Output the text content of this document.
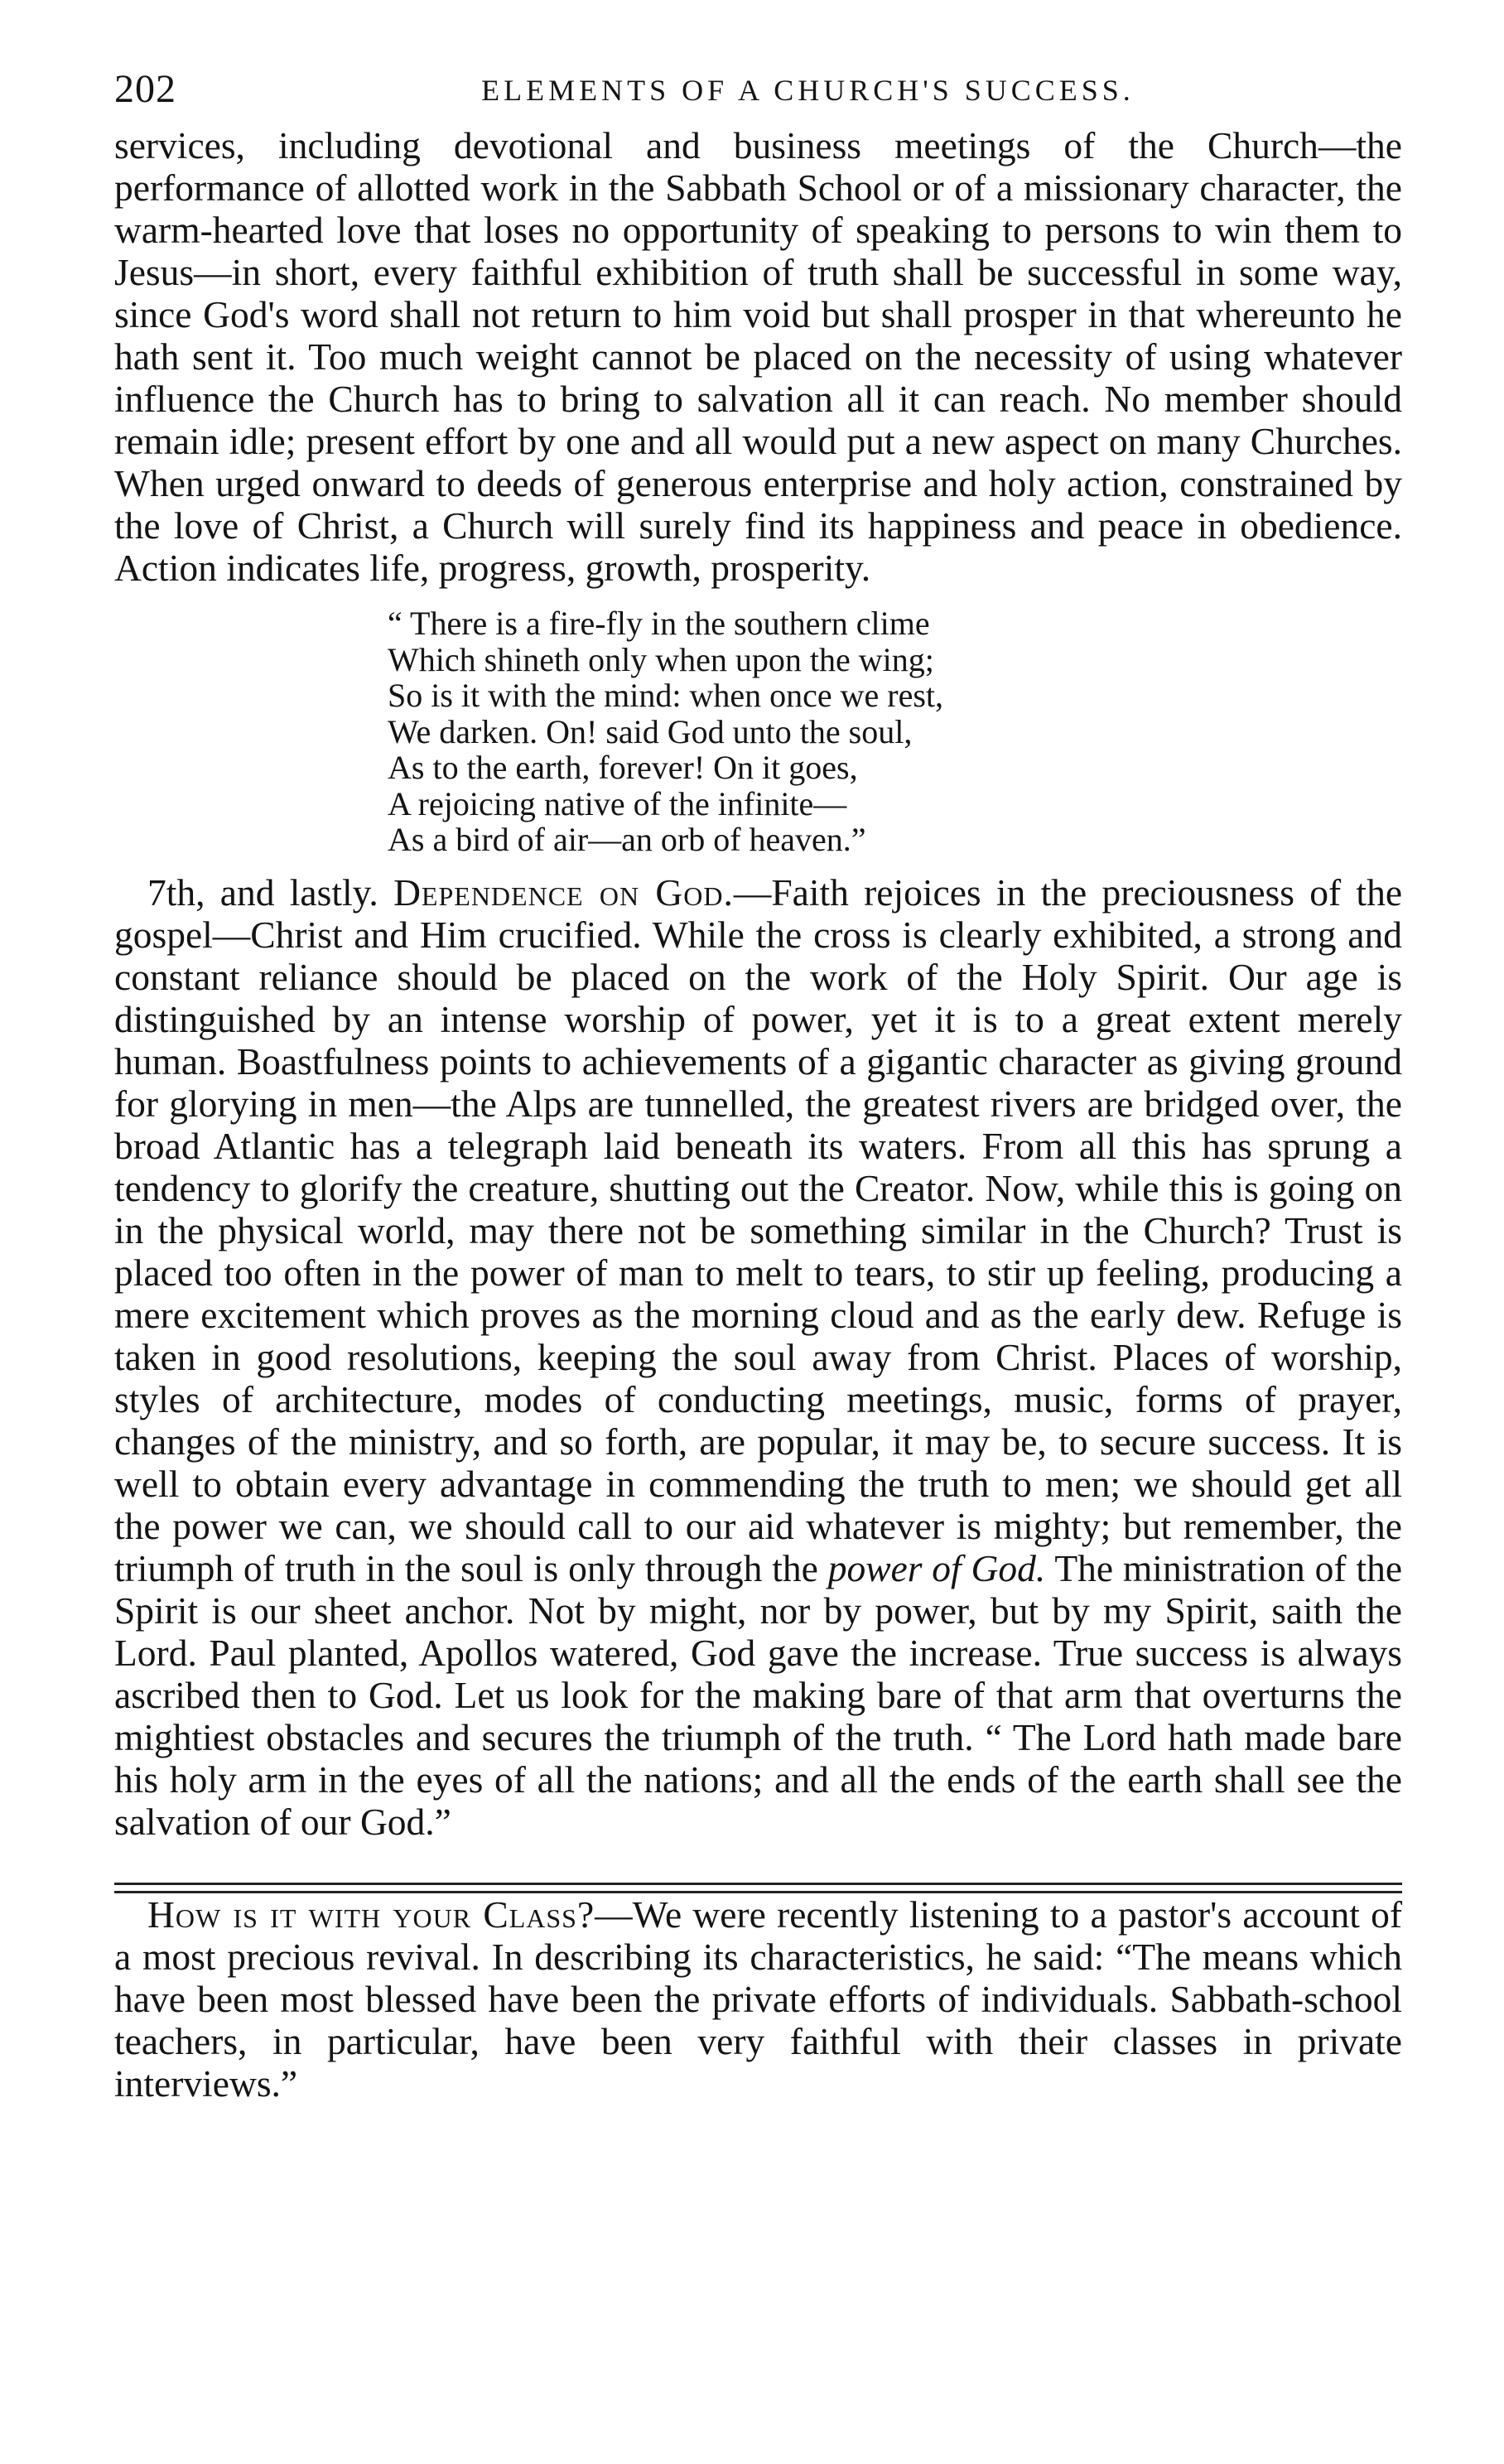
202	ELEMENTS OF A CHURCH'S SUCCESS.

services, including devotional and business meetings of the Church—the performance of allotted work in the Sabbath School or of a missionary character, the warm-hearted love that loses no opportunity of speaking to persons to win them to Jesus—in short, every faithful exhibition of truth shall be successful in some way, since God's word shall not return to him void but shall prosper in that whereunto he hath sent it. Too much weight cannot be placed on the necessity of using whatever influence the Church has to bring to salvation all it can reach. No member should remain idle; present effort by one and all would put a new aspect on many Churches. When urged onward to deeds of generous enterprise and holy action, constrained by the love of Christ, a Church will surely find its happiness and peace in obedience. Action indicates life, progress, growth, prosperity.

“ There is a fire-fly in the southern clime
Which shineth only when upon the wing;
So is it with the mind: when once we rest,
We darken. On! said God unto the soul,
As to the earth, forever! On it goes,
A rejoicing native of the infinite—
As a bird of air—an orb of heaven.”

7th, and lastly. Dependence on God.—Faith rejoices in the preciousness of the gospel—Christ and Him crucified. While the cross is clearly exhibited, a strong and constant reliance should be placed on the work of the Holy Spirit. Our age is distinguished by an intense worship of power, yet it is to a great extent merely human. Boastfulness points to achievements of a gigantic character as giving ground for glorying in men—the Alps are tunnelled, the greatest rivers are bridged over, the broad Atlantic has a telegraph laid beneath its waters. From all this has sprung a tendency to glorify the creature, shutting out the Creator. Now, while this is going on in the physical world, may there not be something similar in the Church? Trust is placed too often in the power of man to melt to tears, to stir up feeling, producing a mere excitement which proves as the morning cloud and as the early dew. Refuge is taken in good resolutions, keeping the soul away from Christ. Places of worship, styles of architecture, modes of conducting meetings, music, forms of prayer, changes of the ministry, and so forth, are popular, it may be, to secure success. It is well to obtain every advantage in commending the truth to men; we should get all the power we can, we should call to our aid whatever is mighty; but remember, the triumph of truth in the soul is only through the power of God. The ministration of the Spirit is our sheet anchor. Not by might, nor by power, but by my Spirit, saith the Lord. Paul planted, Apollos watered, God gave the increase. True success is always ascribed then to God. Let us look for the making bare of that arm that overturns the mightiest obstacles and secures the triumph of the truth. “ The Lord hath made bare his holy arm in the eyes of all the nations; and all the ends of the earth shall see the salvation of our God.”

How is it with your Class?—We were recently listening to a pastor's account of a most precious revival. In describing its characteristics, he said: “The means which have been most blessed have been the private efforts of individuals. Sabbath-school teachers, in particular, have been very faithful with their classes in private interviews.”
